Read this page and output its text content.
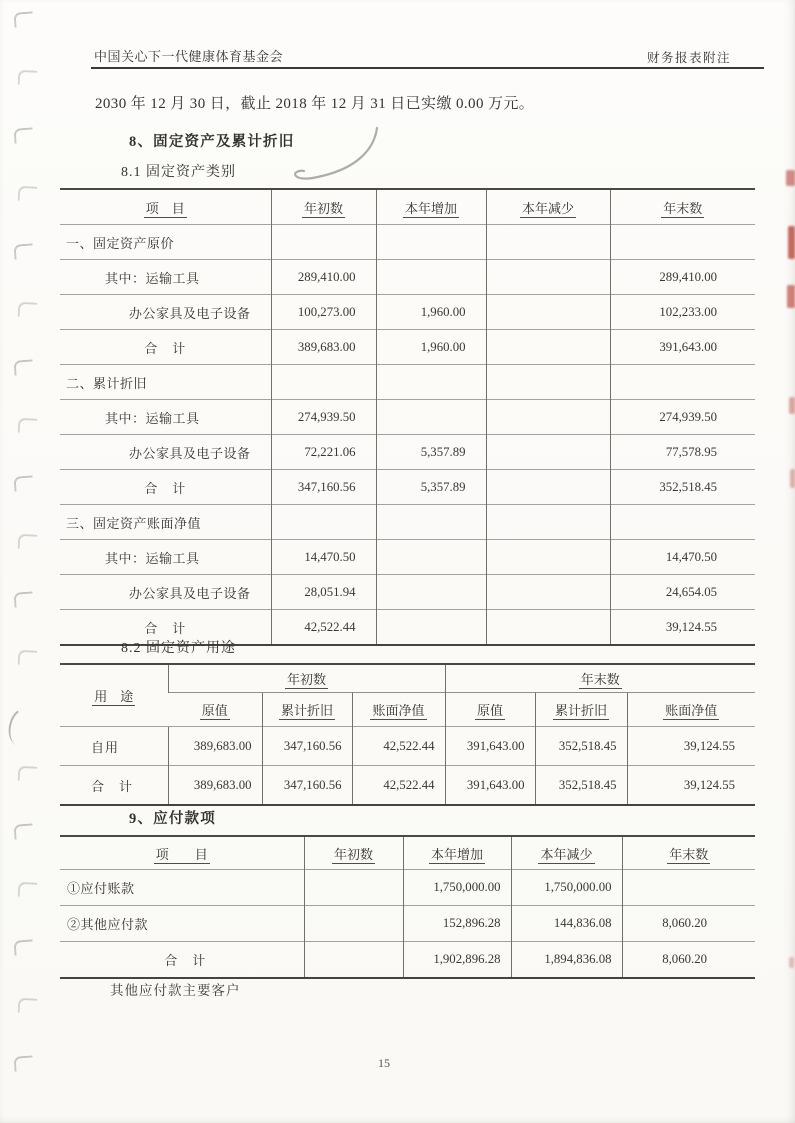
中国关心下一代健康体育基金会	财务报表附注
2030 年 12 月 30 日，截止 2018 年 12 月 31 日已实缴 0.00 万元。
8、固定资产及累计折旧
8.1 固定资产类别
项　目	年初数	本年增加	本年减少	年末数
一、固定资产原价				
其中：运输工具	289,410.00			289,410.00
办公家具及电子设备	100,273.00	1,960.00		102,233.00
合　计	389,683.00	1,960.00		391,643.00
二、累计折旧				
其中：运输工具	274,939.50			274,939.50
办公家具及电子设备	72,221.06	5,357.89		77,578.95
合　计	347,160.56	5,357.89		352,518.45
三、固定资产账面净值				
其中：运输工具	14,470.50			14,470.50
办公家具及电子设备	28,051.94			24,654.05
合　计	42,522.44			39,124.55
8.2 固定资产用途
用　途	年初数			年末数		
	原值	累计折旧	账面净值	原值	累计折旧	账面净值
自用	389,683.00	347,160.56	42,522.44	391,643.00	352,518.45	39,124.55
合　计	389,683.00	347,160.56	42,522.44	391,643.00	352,518.45	39,124.55
9、应付款项
项　　目	年初数	本年增加	本年减少	年末数
①应付账款		1,750,000.00	1,750,000.00	
②其他应付款		152,896.28	144,836.08	8,060.20
合　计		1,902,896.28	1,894,836.08	8,060.20
其他应付款主要客户
15
